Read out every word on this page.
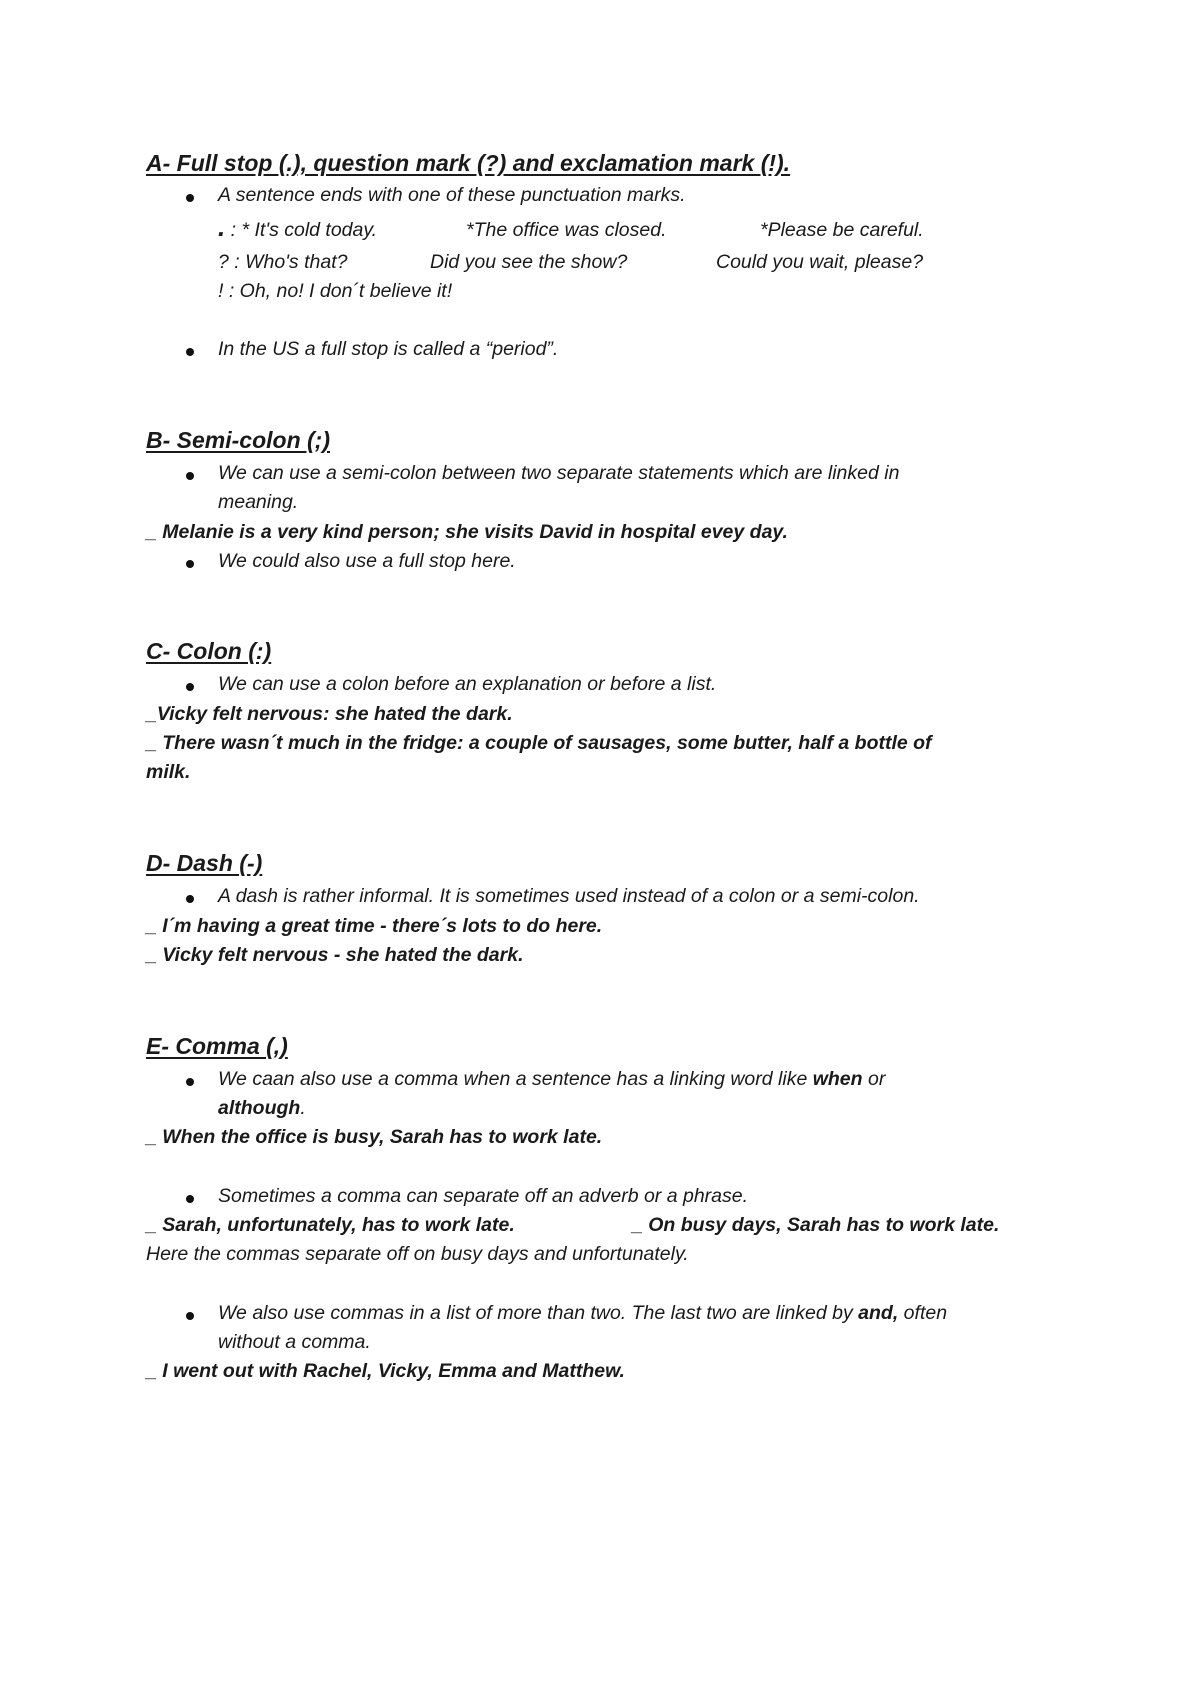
A- Full stop (.), question mark (?) and exclamation mark (!).

A sentence ends with one of these punctuation marks.

. : * It's cold today.	*The office was closed.	*Please be careful.

? : Who's that?	Did you see the show?	Could you wait, please?

! : Oh, no! I don´t believe it!

In the US a full stop is called a “period”.

B- Semi-colon (;)

We can use a semi-colon between two separate statements which are linked in

meaning.

_ Melanie is a very kind person; she visits David in hospital evey day.

We could also use a full stop here.

C- Colon (:)

We can use a colon before an explanation or before a list.

_Vicky felt nervous: she hated the dark.

_ There wasn´t much in the fridge: a couple of sausages, some butter, half a bottle of

milk.

D- Dash (-)

A dash is rather informal. It is sometimes used instead of a colon or a semi-colon.

_ I´m having a great time - there´s lots to do here.

_ Vicky felt nervous - she hated the dark.

E- Comma (,)

We caan also use a comma when a sentence has a linking word like when or

although.

_ When the office is busy, Sarah has to work late.

Sometimes a comma can separate off an adverb or a phrase.

_ Sarah, unfortunately, has to work late.	_ On busy days, Sarah has to work late.

Here the commas separate off on busy days and unfortunately.

We also use commas in a list of more than two. The last two are linked by and, often

without a comma.

_ I went out with Rachel, Vicky, Emma and Matthew.
